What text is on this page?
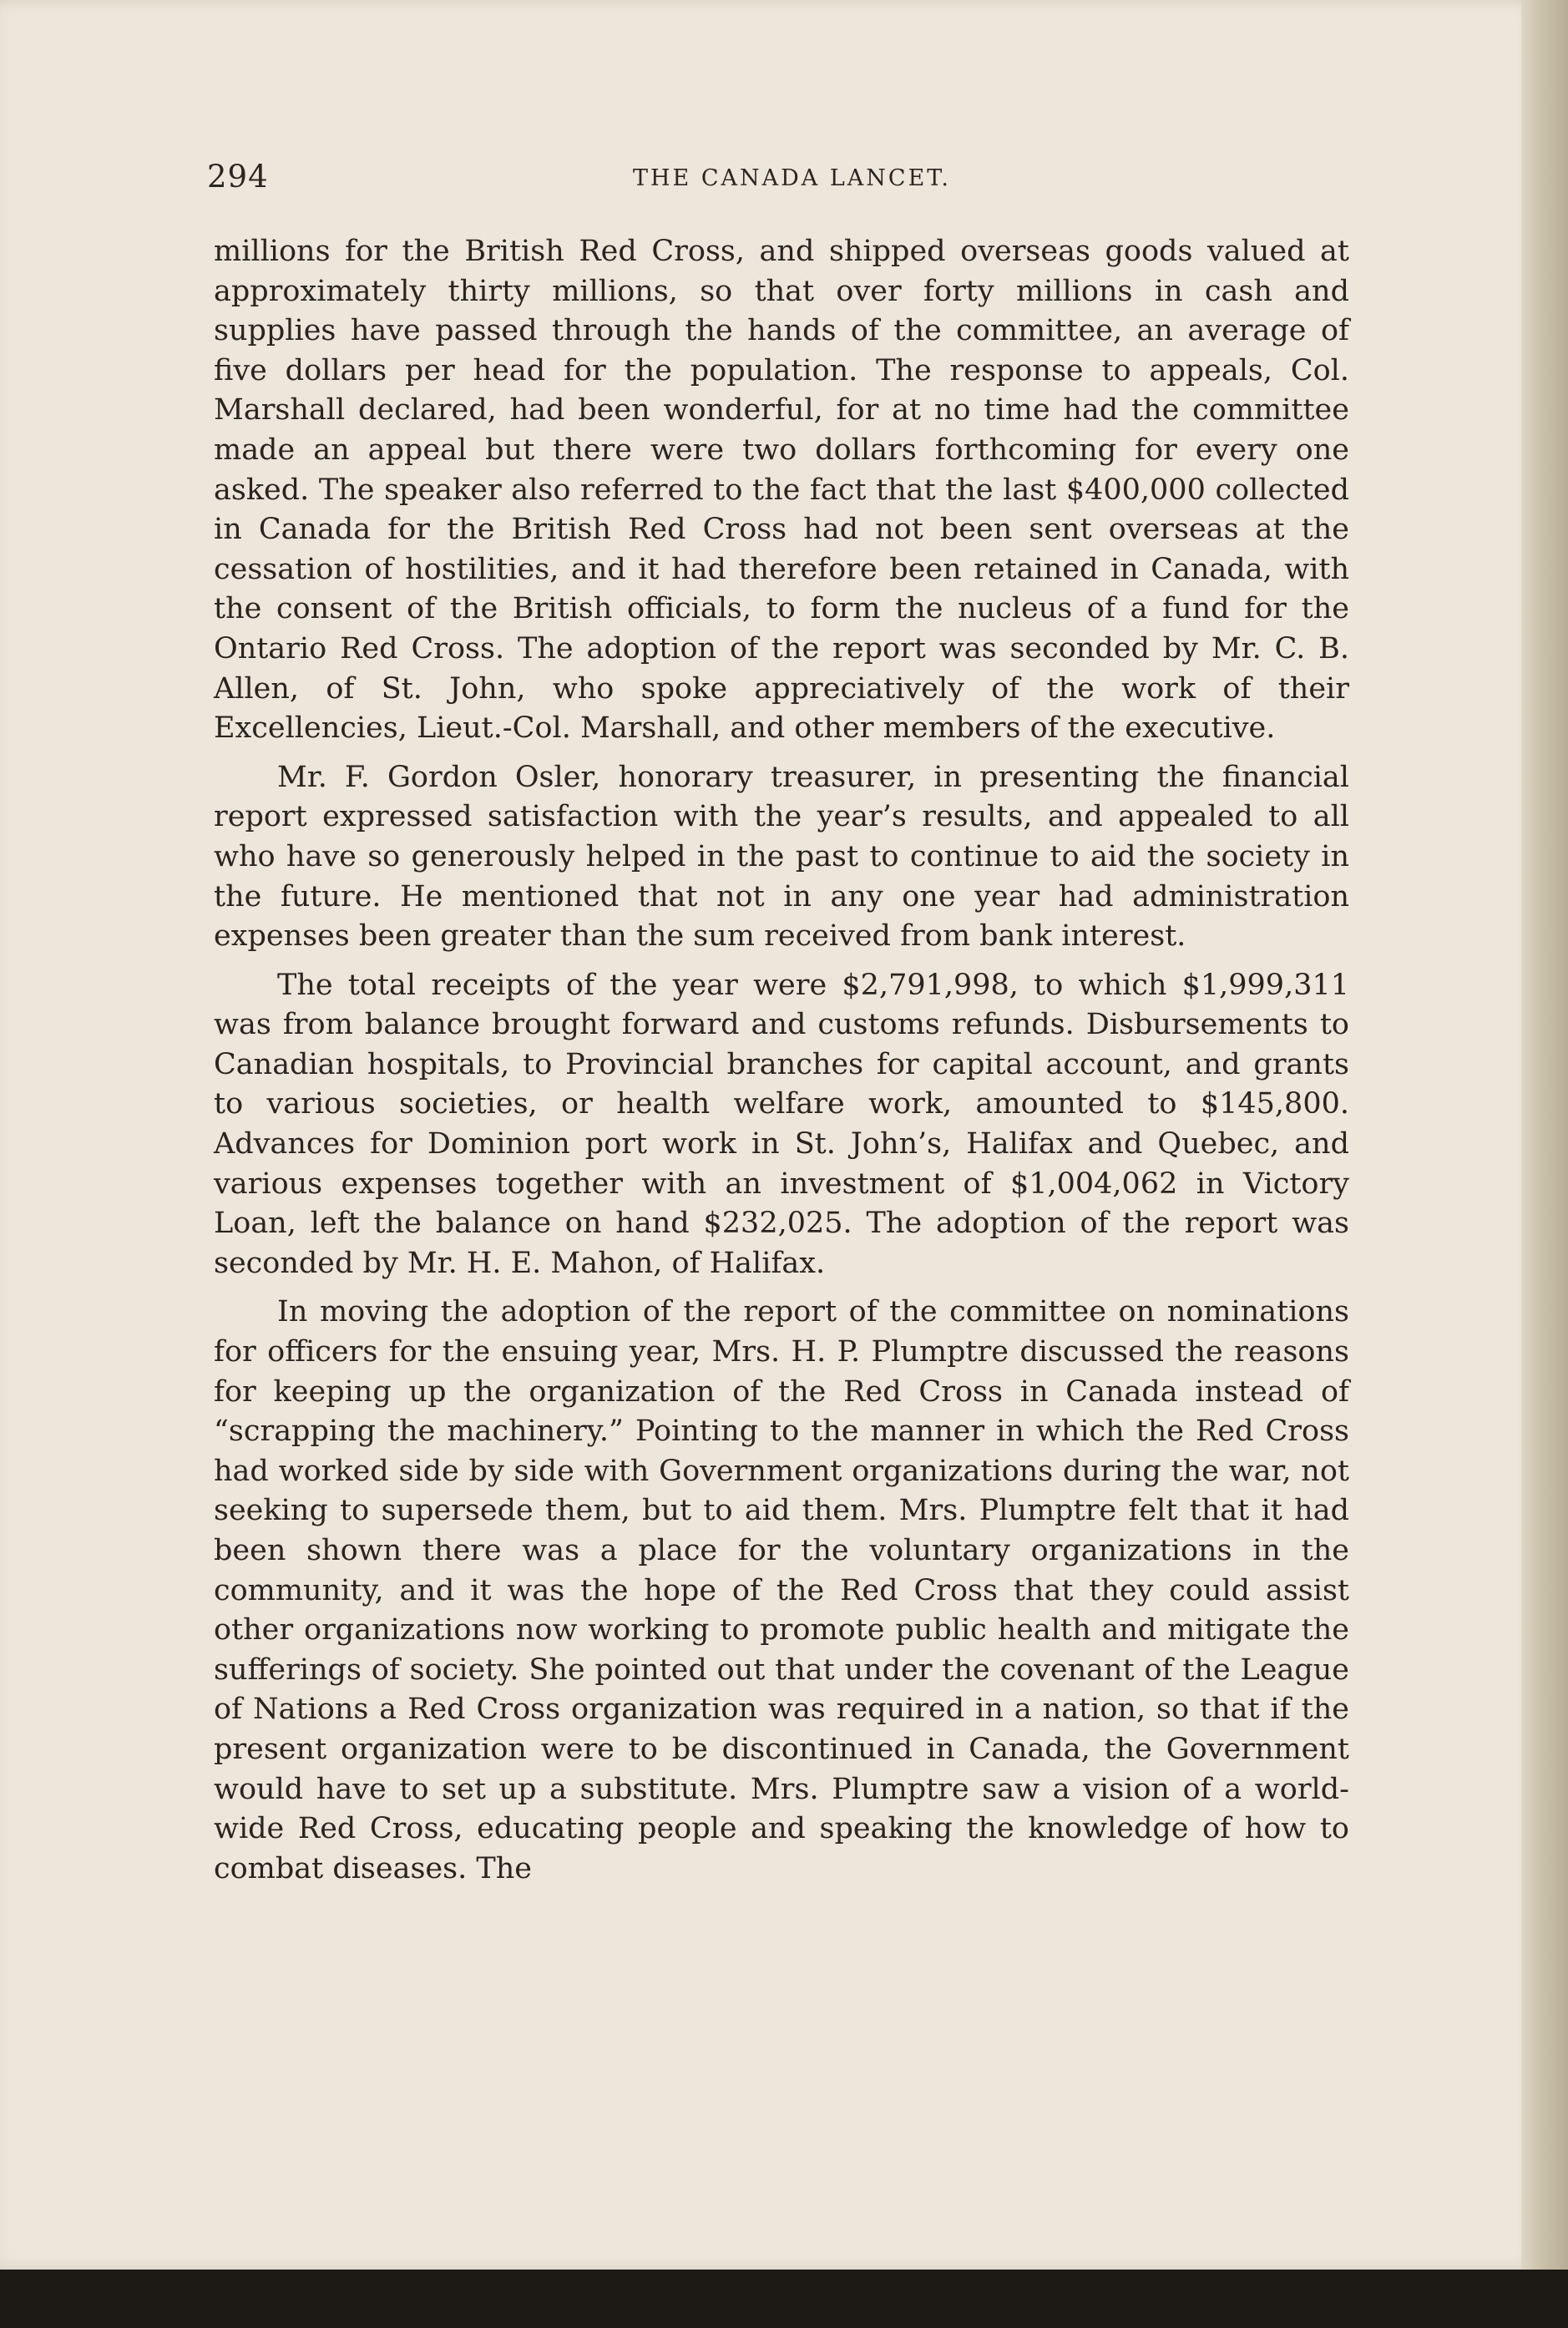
294	THE CANADA LANCET.

millions for the British Red Cross, and shipped overseas goods valued at approximately thirty millions, so that over forty millions in cash and supplies have passed through the hands of the committee, an average of five dollars per head for the population. The response to appeals, Col. Marshall declared, had been wonderful, for at no time had the committee made an appeal but there were two dollars forthcoming for every one asked. The speaker also referred to the fact that the last $400,000 collected in Canada for the British Red Cross had not been sent overseas at the cessation of hostilities, and it had therefore been retained in Canada, with the consent of the British officials, to form the nucleus of a fund for the Ontario Red Cross. The adoption of the report was seconded by Mr. C. B. Allen, of St. John, who spoke appreciatively of the work of their Excellencies, Lieut.-Col. Marshall, and other members of the executive.

Mr. F. Gordon Osler, honorary treasurer, in presenting the financial report expressed satisfaction with the year’s results, and appealed to all who have so generously helped in the past to continue to aid the society in the future. He mentioned that not in any one year had administration expenses been greater than the sum received from bank interest.

The total receipts of the year were $2,791,998, to which $1,999,311 was from balance brought forward and customs refunds. Disbursements to Canadian hospitals, to Provincial branches for capital account, and grants to various societies, or health welfare work, amounted to $145,800. Advances for Dominion port work in St. John’s, Halifax and Quebec, and various expenses together with an investment of $1,004,062 in Victory Loan, left the balance on hand $232,025. The adoption of the report was seconded by Mr. H. E. Mahon, of Halifax.

In moving the adoption of the report of the committee on nominations for officers for the ensuing year, Mrs. H. P. Plumptre discussed the reasons for keeping up the organization of the Red Cross in Canada instead of “scrapping the machinery.” Pointing to the manner in which the Red Cross had worked side by side with Government organizations during the war, not seeking to supersede them, but to aid them. Mrs. Plumptre felt that it had been shown there was a place for the voluntary organizations in the community, and it was the hope of the Red Cross that they could assist other organizations now working to promote public health and mitigate the sufferings of society. She pointed out that under the covenant of the League of Nations a Red Cross organization was required in a nation, so that if the present organization were to be discontinued in Canada, the Government would have to set up a substitute. Mrs. Plumptre saw a vision of a world-wide Red Cross, educating people and speaking the knowledge of how to combat diseases. The
